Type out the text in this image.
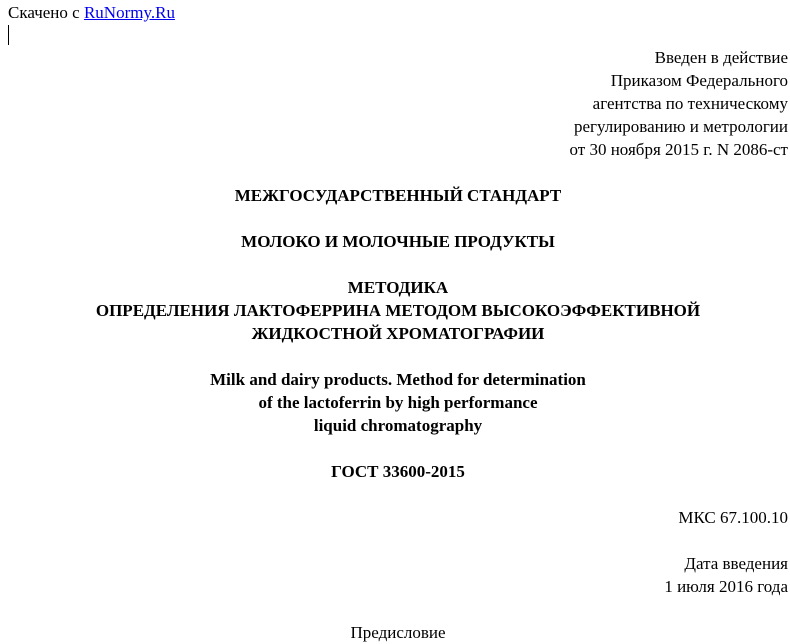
Скачено с RuNormy.Ru
Введен в действие
Приказом Федерального
агентства по техническому
регулированию и метрологии
от 30 ноября 2015 г. N 2086-ст
МЕЖГОСУДАРСТВЕННЫЙ СТАНДАРТ
МОЛОКО И МОЛОЧНЫЕ ПРОДУКТЫ
МЕТОДИКА
ОПРЕДЕЛЕНИЯ ЛАКТОФЕРРИНА МЕТОДОМ ВЫСОКОЭФФЕКТИВНОЙ
ЖИДКОСТНОЙ ХРОМАТОГРАФИИ
Milk and dairy products. Method for determination
of the lactoferrin by high performance
liquid chromatography
ГОСТ 33600-2015
МКС 67.100.10
Дата введения
1 июля 2016 года
Предисловие
